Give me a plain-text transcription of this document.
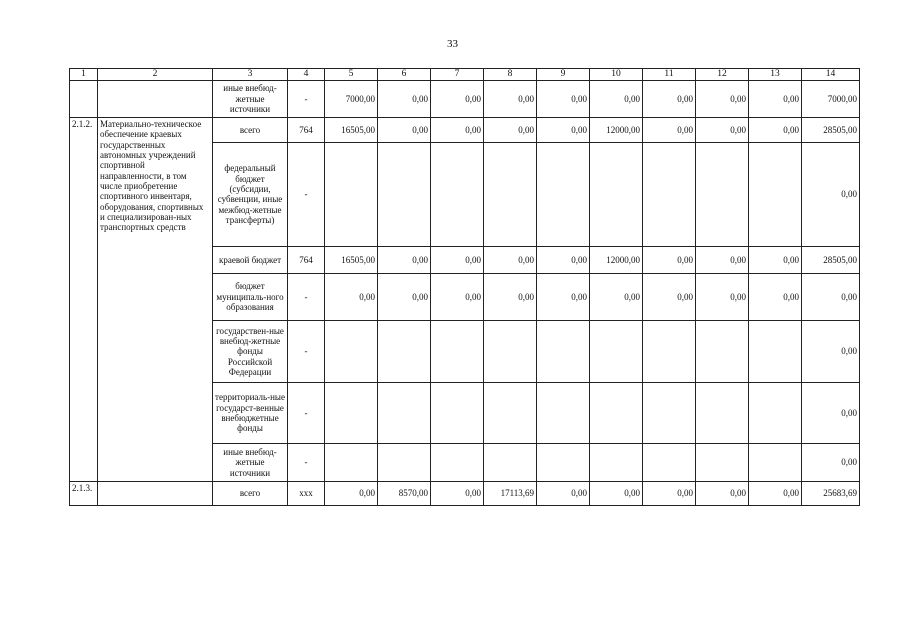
33
1	2	3	4	5	6	7	8	9	10	11	12	13	14
		иные внебюд-жетные источники	-	7000,00	0,00	0,00	0,00	0,00	0,00	0,00	0,00	0,00	7000,00
2.1.2.	Материально-техническое обеспечение краевых государственных автономных учреждений спортивной направленности, в том числе приобретение спортивного инвентаря, оборудования, спортивных и специализирован-ных транспортных средств	всего	764	16505,00	0,00	0,00	0,00	0,00	12000,00	0,00	0,00	0,00	28505,00
		федеральный бюджет (субсидии, субвенции, иные межбюд-жетные трансферты)	-										0,00
		краевой бюджет	764	16505,00	0,00	0,00	0,00	0,00	12000,00	0,00	0,00	0,00	28505,00
		бюджет муниципаль-ного образования	-	0,00	0,00	0,00	0,00	0,00	0,00	0,00	0,00	0,00	0,00
		государствен-ные внебюд-жетные фонды Российской Федерации	-										0,00
		территориаль-ные государст-венные внебюджетные фонды	-										0,00
		иные внебюд-жетные источники	-										0,00
2.1.3.		всего	ххх	0,00	8570,00	0,00	17113,69	0,00	0,00	0,00	0,00	0,00	25683,69
